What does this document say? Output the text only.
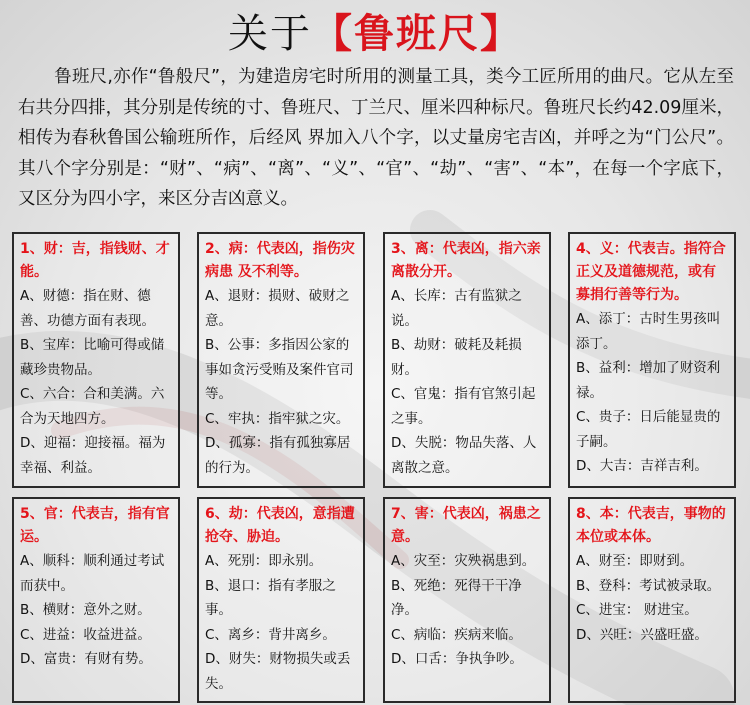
关于【鲁班尺】
鲁班尺,亦作“鲁般尺”，为建造房宅时所用的测量工具，类今工匠所用的曲尺。它从左至右共分四排，其分别是传统的寸、鲁班尺、丁兰尺、厘米四种标尺。鲁班尺长约42.09厘米，相传为春秋鲁国公输班所作，后经风 界加入八个字，以丈量房宅吉凶，并呼之为“门公尺”。其八个字分别是：“财”、“病”、“离”、“义”、“官”、“劫”、“害”、“本”，在每一个字底下，又区分为四小字，来区分吉凶意义。
1、财：吉，指钱财、才能。

A、财德：指在财、德善、功德方面有表现。

B、宝库：比喻可得或储藏珍贵物品。

C、六合：合和美满。六合为天地四方。

D、迎福：迎接福。福为幸福、利益。

2、病：代表凶，指伤灾病患 及不利等。

A、退财：损财、破财之意。

B、公事：多指因公家的事如贪污受贿及案件官司等。

C、牢执：指牢狱之灾。

D、孤寡：指有孤独寡居的行为。

3、离：代表凶，指六亲离散分开。

A、长库：古有监狱之说。

B、劫财：破耗及耗损财。

C、官鬼：指有官煞引起之事。

D、失脱：物品失落、人离散之意。

4、义：代表吉。指符合正义及道德规范，或有募捐行善等行为。

A、添丁：古时生男孩叫添丁。

B、益利：增加了财资利禄。

C、贵子：日后能显贵的子嗣。

D、大吉：吉祥吉利。

5、官：代表吉，指有官运。

A、顺科：顺利通过考试而获中。

B、横财：意外之财。

C、进益：收益进益。

D、富贵：有财有势。

6、劫：代表凶，意指遭抢夺、胁迫。

A、死别：即永别。

B、退口：指有孝服之事。

C、离乡：背井离乡。

D、财失：财物损失或丢失。

7、害：代表凶，祸患之意。

A、灾至：灾殃祸患到。

B、死绝：死得干干净净。

C、病临：疾病来临。

D、口舌：争执争吵。

8、本：代表吉，事物的本位或本体。

A、财至：即财到。

B、登科：考试被录取。

C、进宝： 财进宝。

D、兴旺：兴盛旺盛。
